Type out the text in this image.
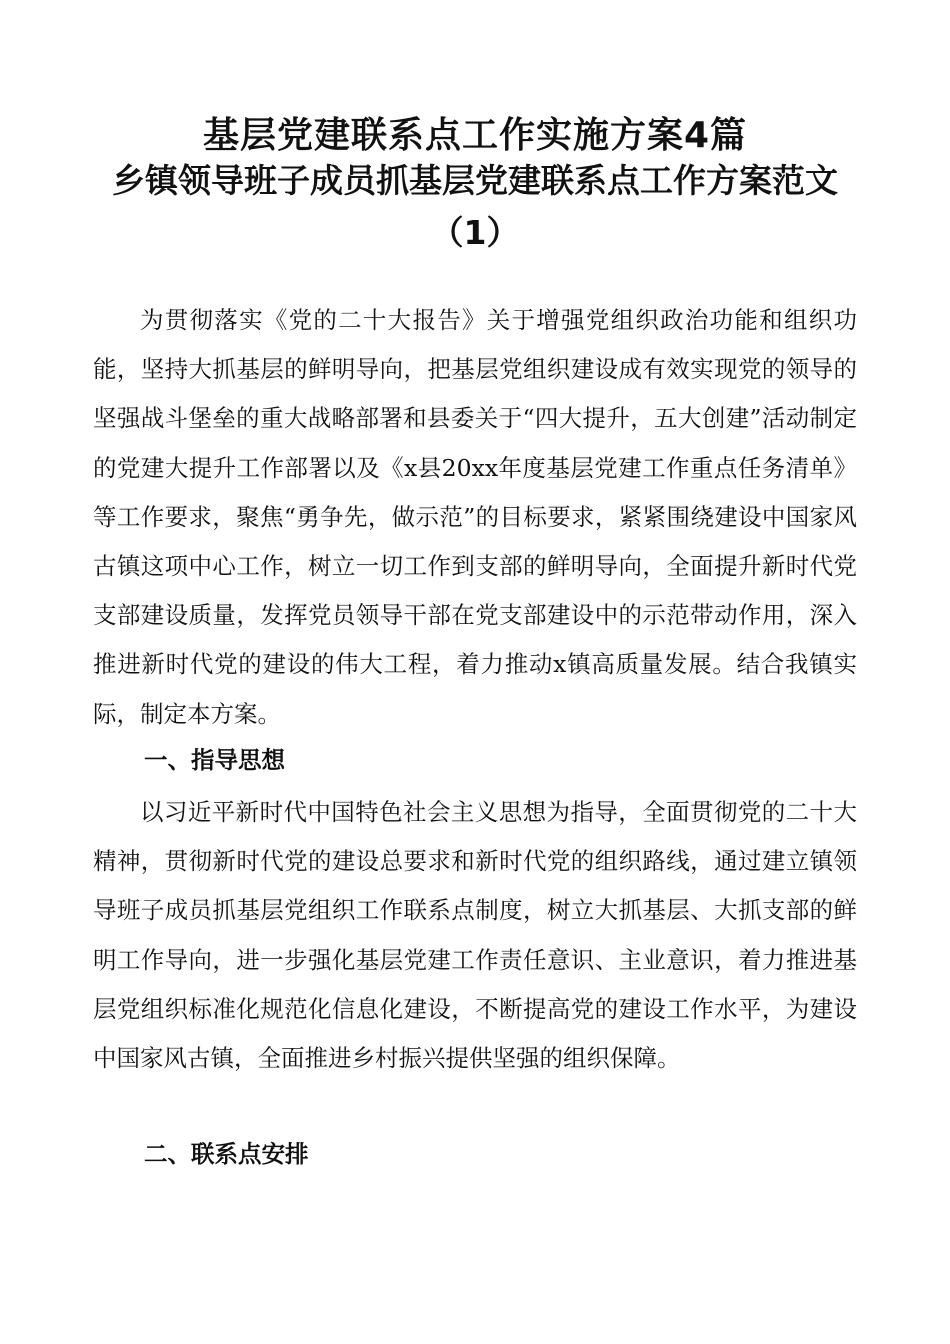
基层党建联系点工作实施方案4篇
乡镇领导班子成员抓基层党建联系点工作方案范文（1）

为贯彻落实《党的二十大报告》关于增强党组织政治功能和组织功能，坚持大抓基层的鲜明导向，把基层党组织建设成有效实现党的领导的坚强战斗堡垒的重大战略部署和县委关于“四大提升，五大创建”活动制定的党建大提升工作部署以及《x县20xx年度基层党建工作重点任务清单》等工作要求，聚焦“勇争先，做示范”的目标要求，紧紧围绕建设中国家风古镇这项中心工作，树立一切工作到支部的鲜明导向，全面提升新时代党支部建设质量，发挥党员领导干部在党支部建设中的示范带动作用，深入推进新时代党的建设的伟大工程，着力推动x镇高质量发展。结合我镇实际，制定本方案。

一、指导思想

以习近平新时代中国特色社会主义思想为指导，全面贯彻党的二十大精神，贯彻新时代党的建设总要求和新时代党的组织路线，通过建立镇领导班子成员抓基层党组织工作联系点制度，树立大抓基层、大抓支部的鲜明工作导向，进一步强化基层党建工作责任意识、主业意识，着力推进基层党组织标准化规范化信息化建设，不断提高党的建设工作水平，为建设中国家风古镇，全面推进乡村振兴提供坚强的组织保障。

二、联系点安排
